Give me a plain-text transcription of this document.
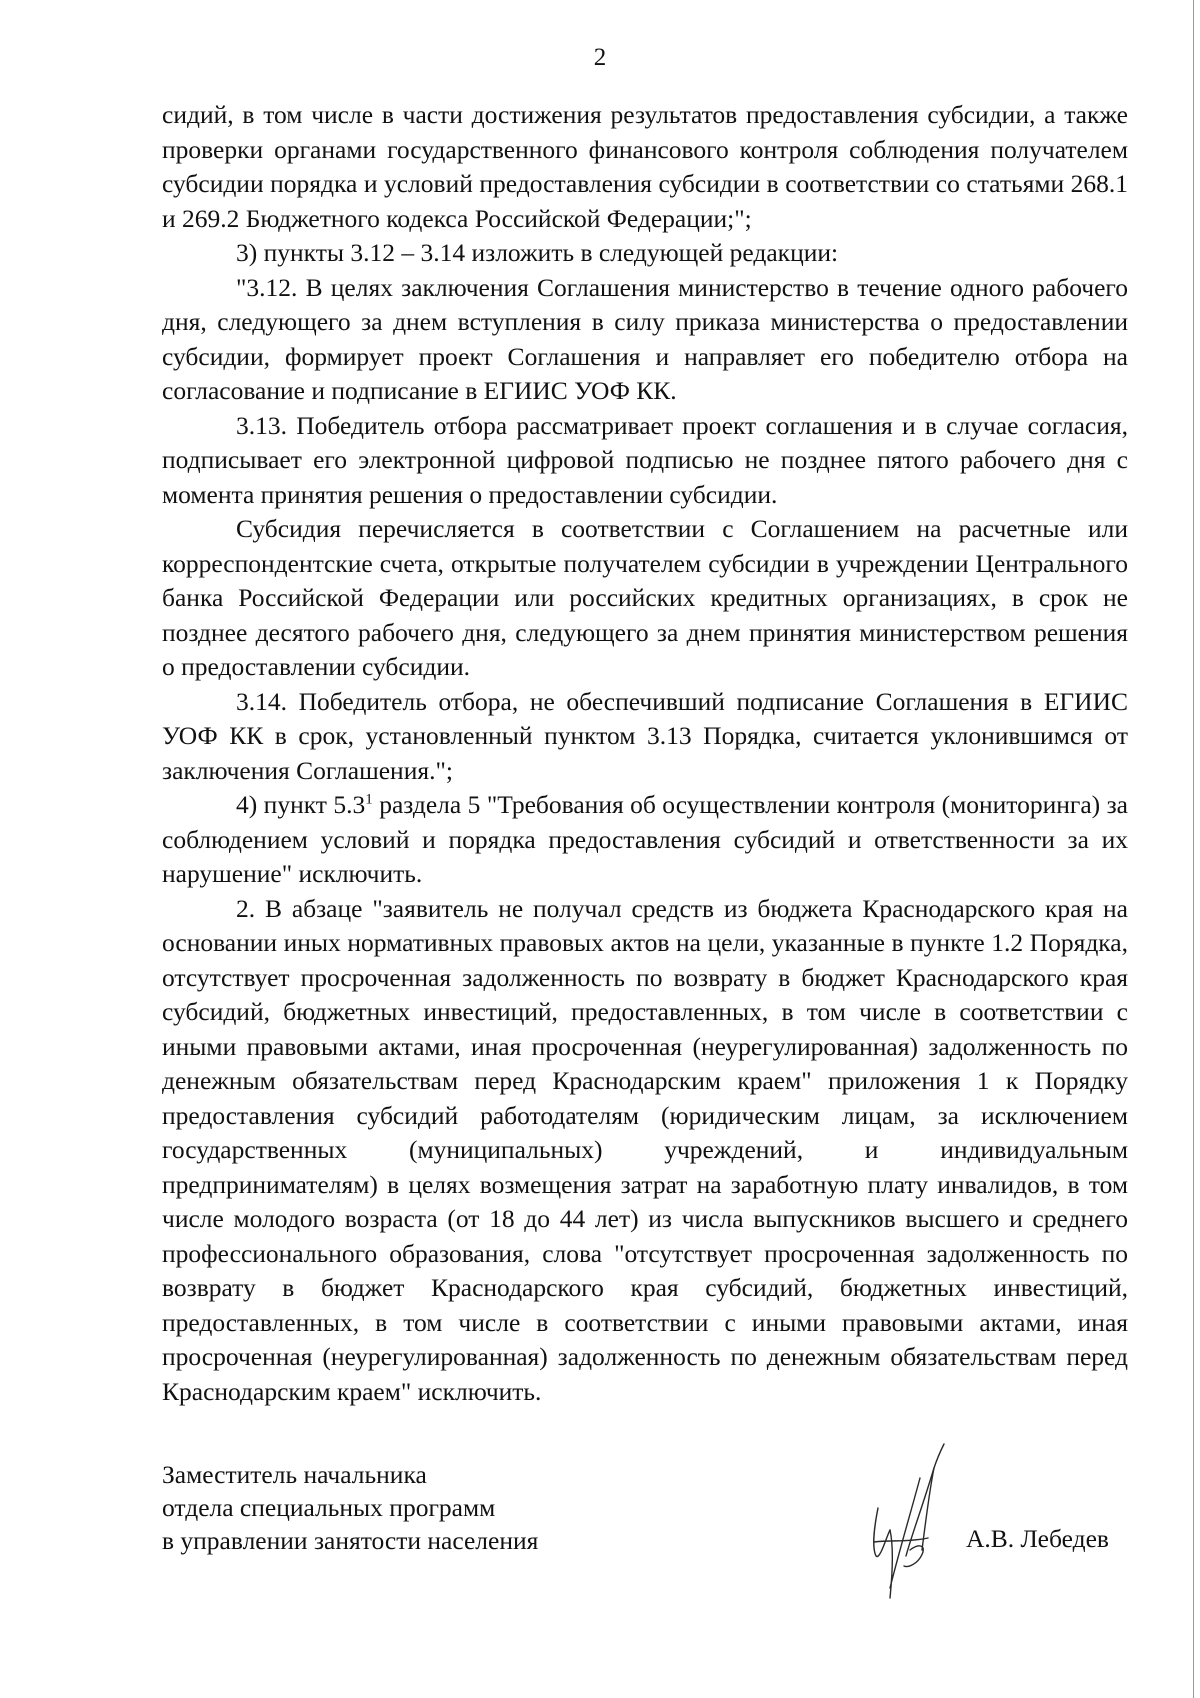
2

сидий, в том числе в части достижения результатов предоставления субсидии, а также проверки органами государственного финансового контроля соблюдения получателем субсидии порядка и условий предоставления субсидии в соответствии со статьями 268.1 и 269.2 Бюджетного кодекса Российской Федерации;";

3) пункты 3.12 – 3.14 изложить в следующей редакции:

"3.12. В целях заключения Соглашения министерство в течение одного рабочего дня, следующего за днем вступления в силу приказа министерства о предоставлении субсидии, формирует проект Соглашения и направляет его победителю отбора на согласование и подписание в ЕГИИС УОФ КК.

3.13. Победитель отбора рассматривает проект соглашения и в случае согласия, подписывает его электронной цифровой подписью не позднее пятого рабочего дня с момента принятия решения о предоставлении субсидии.

Субсидия перечисляется в соответствии с Соглашением на расчетные или корреспондентские счета, открытые получателем субсидии в учреждении Центрального банка Российской Федерации или российских кредитных организациях, в срок не позднее десятого рабочего дня, следующего за днем принятия министерством решения о предоставлении субсидии.

3.14. Победитель отбора, не обеспечивший подписание Соглашения в ЕГИИС УОФ КК в срок, установленный пунктом 3.13 Порядка, считается уклонившимся от заключения Соглашения.";

4) пункт $5.3^1$ раздела 5 "Требования об осуществлении контроля (мониторинга) за соблюдением условий и порядка предоставления субсидий и ответственности за их нарушение" исключить.

2. В абзаце "заявитель не получал средств из бюджета Краснодарского края на основании иных нормативных правовых актов на цели, указанные в пункте 1.2 Порядка, отсутствует просроченная задолженность по возврату в бюджет Краснодарского края субсидий, бюджетных инвестиций, предоставленных, в том числе в соответствии с иными правовыми актами, иная просроченная (неурегулированная) задолженность по денежным обязательствам перед Краснодарским краем" приложения 1 к Порядку предоставления субсидий работодателям (юридическим лицам, за исключением государственных (муниципальных) учреждений, и индивидуальным предпринимателям) в целях возмещения затрат на заработную плату инвалидов, в том числе молодого возраста (от 18 до 44 лет) из числа выпускников высшего и среднего профессионального образования, слова "отсутствует просроченная задолженность по возврату в бюджет Краснодарского края субсидий, бюджетных инвестиций, предоставленных, в том числе в соответствии с иными правовыми актами, иная просроченная (неурегулированная) задолженность по денежным обязательствам перед Краснодарским краем" исключить.

Заместитель начальника
отдела специальных программ
в управлении занятости населения	А.В. Лебедев
